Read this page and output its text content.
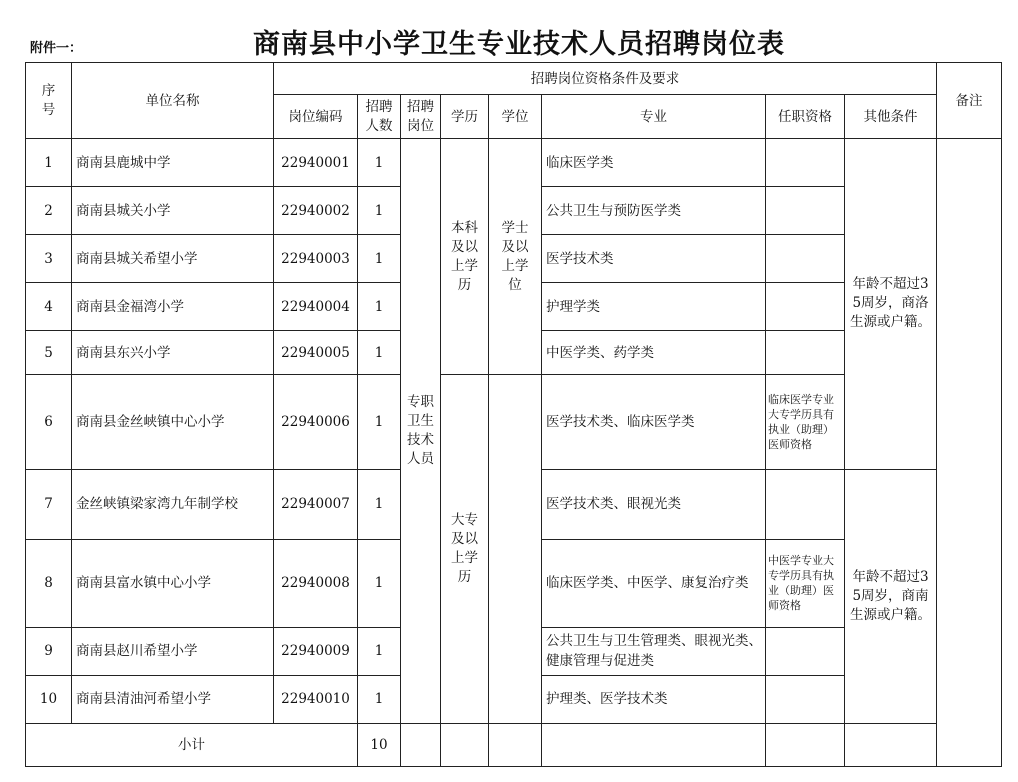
附件一：	商南县中小学卫生专业技术人员招聘岗位表
序号	单位名称	招聘岗位资格条件及要求								备注
		岗位编码	招聘人数	招聘岗位	学历	学位	专业	任职资格	其他条件	
1	商南县鹿城中学	22940001	1	专职卫生技术人员	本科及以上学历	学士及以上学位	临床医学类		年龄不超过35周岁，商洛生源或户籍。	
2	商南县城关小学	22940002	1				公共卫生与预防医学类			
3	商南县城关希望小学	22940003	1				医学技术类			
4	商南县金福湾小学	22940004	1				护理学类			
5	商南县东兴小学	22940005	1				中医学类、药学类			
6	商南县金丝峡镇中心小学	22940006	1		大专及以上学历		医学技术类、临床医学类	临床医学专业大专学历具有执业（助理）医师资格		
7	金丝峡镇梁家湾九年制学校	22940007	1				医学技术类、眼视光类		年龄不超过35周岁，商南生源或户籍。	
8	商南县富水镇中心小学	22940008	1				临床医学类、中医学、康复治疗类	中医学专业大专学历具有执业（助理）医师资格		
9	商南县赵川希望小学	22940009	1				公共卫生与卫生管理类、眼视光类、健康管理与促进类			
10	商南县清油河希望小学	22940010	1				护理类、医学技术类			
小计			10							
